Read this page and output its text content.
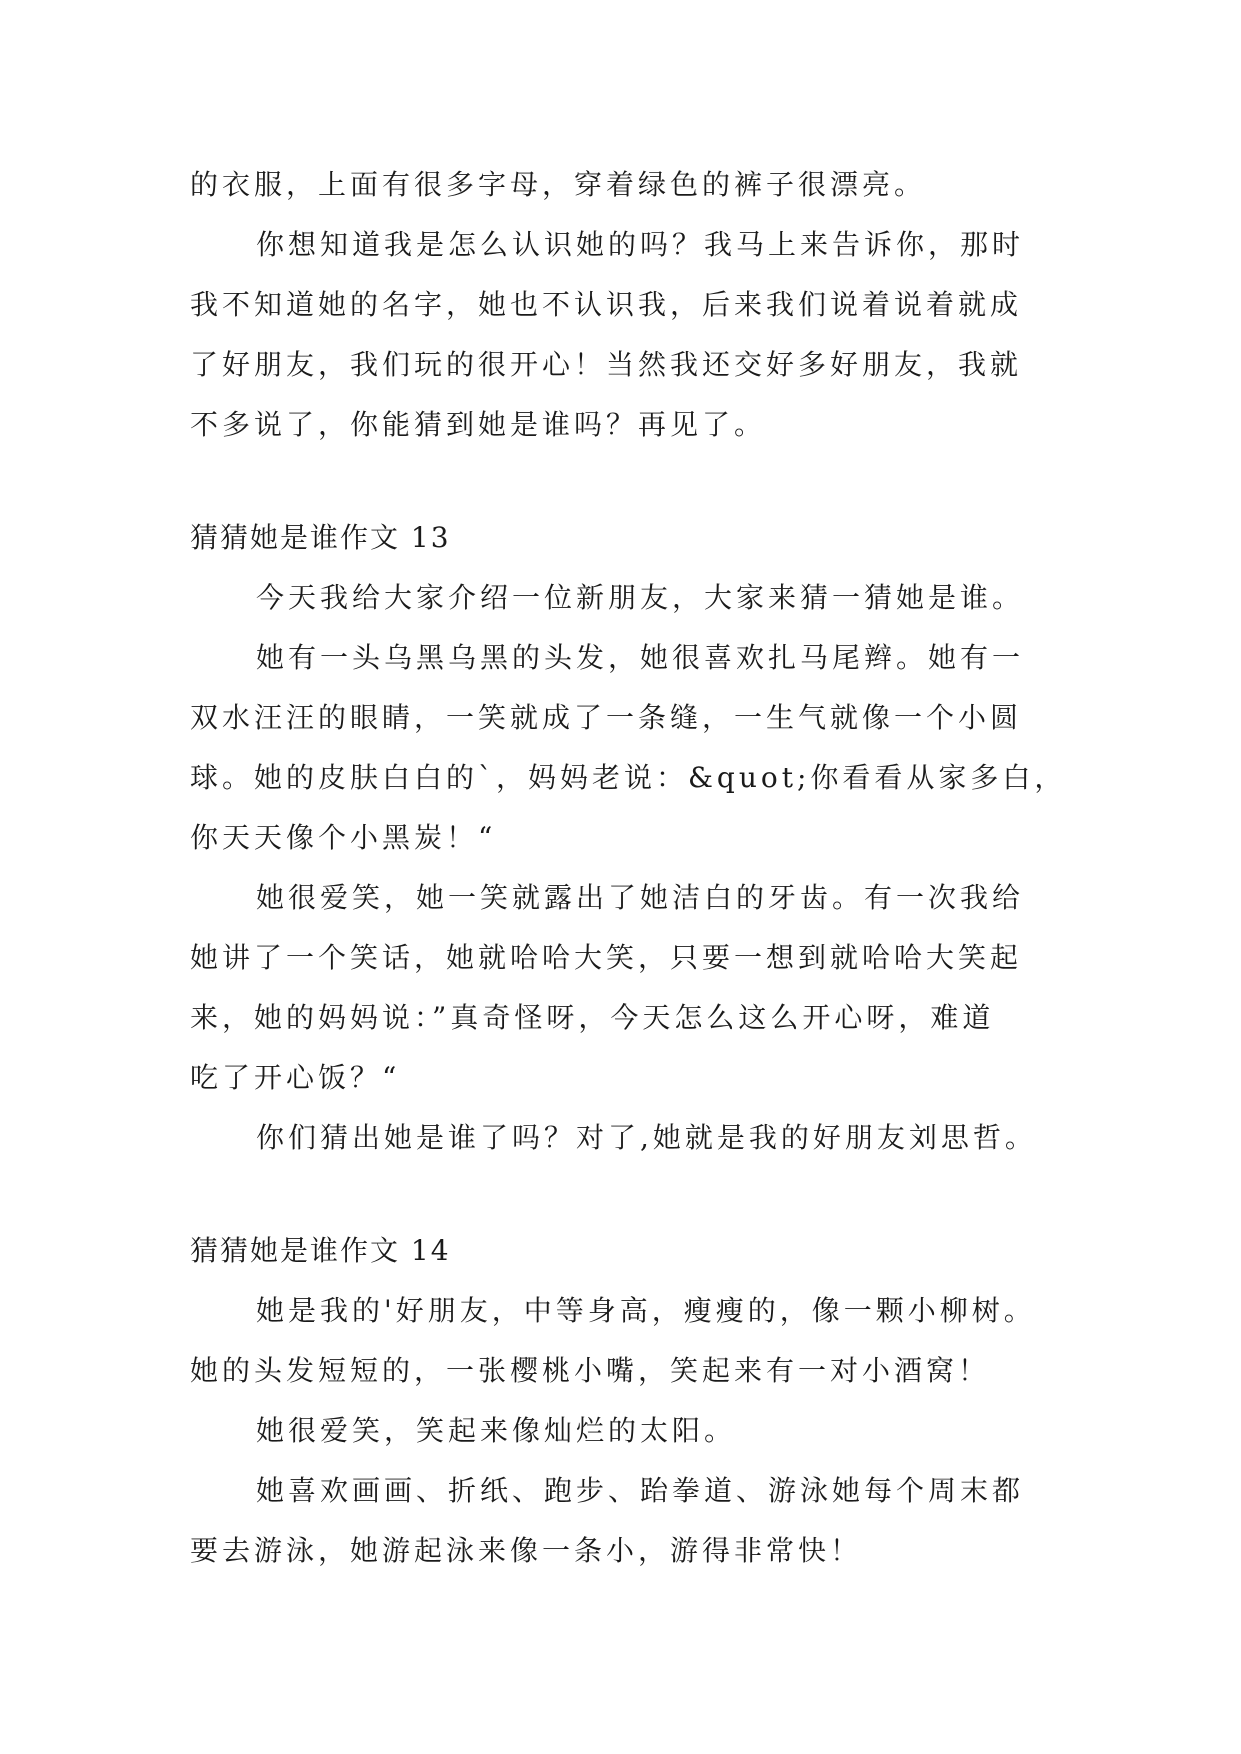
的衣服，上面有很多字母，穿着绿色的裤子很漂亮。
你想知道我是怎么认识她的吗？我马上来告诉你，那时
我不知道她的名字，她也不认识我，后来我们说着说着就成
了好朋友，我们玩的很开心！当然我还交好多好朋友，我就
不多说了，你能猜到她是谁吗？再见了。
猜猜她是谁作文 13
今天我给大家介绍一位新朋友，大家来猜一猜她是谁。
她有一头乌黑乌黑的头发，她很喜欢扎马尾辫。她有一
双水汪汪的眼睛，一笑就成了一条缝，一生气就像一个小圆
球。她的皮肤白白的`，妈妈老说：&quot;你看看从家多白，
你天天像个小黑炭！“
她很爱笑，她一笑就露出了她洁白的牙齿。有一次我给
她讲了一个笑话，她就哈哈大笑，只要一想到就哈哈大笑起
来，她的妈妈说：”真奇怪呀，今天怎么这么开心呀，难道
吃了开心饭？“
你们猜出她是谁了吗？对了,她就是我的好朋友刘思哲。
猜猜她是谁作文 14
她是我的'好朋友，中等身高，瘦瘦的，像一颗小柳树。
她的头发短短的，一张樱桃小嘴，笑起来有一对小酒窝！
她很爱笑，笑起来像灿烂的太阳。
她喜欢画画、折纸、跑步、跆拳道、游泳她每个周末都
要去游泳，她游起泳来像一条小，游得非常快！
